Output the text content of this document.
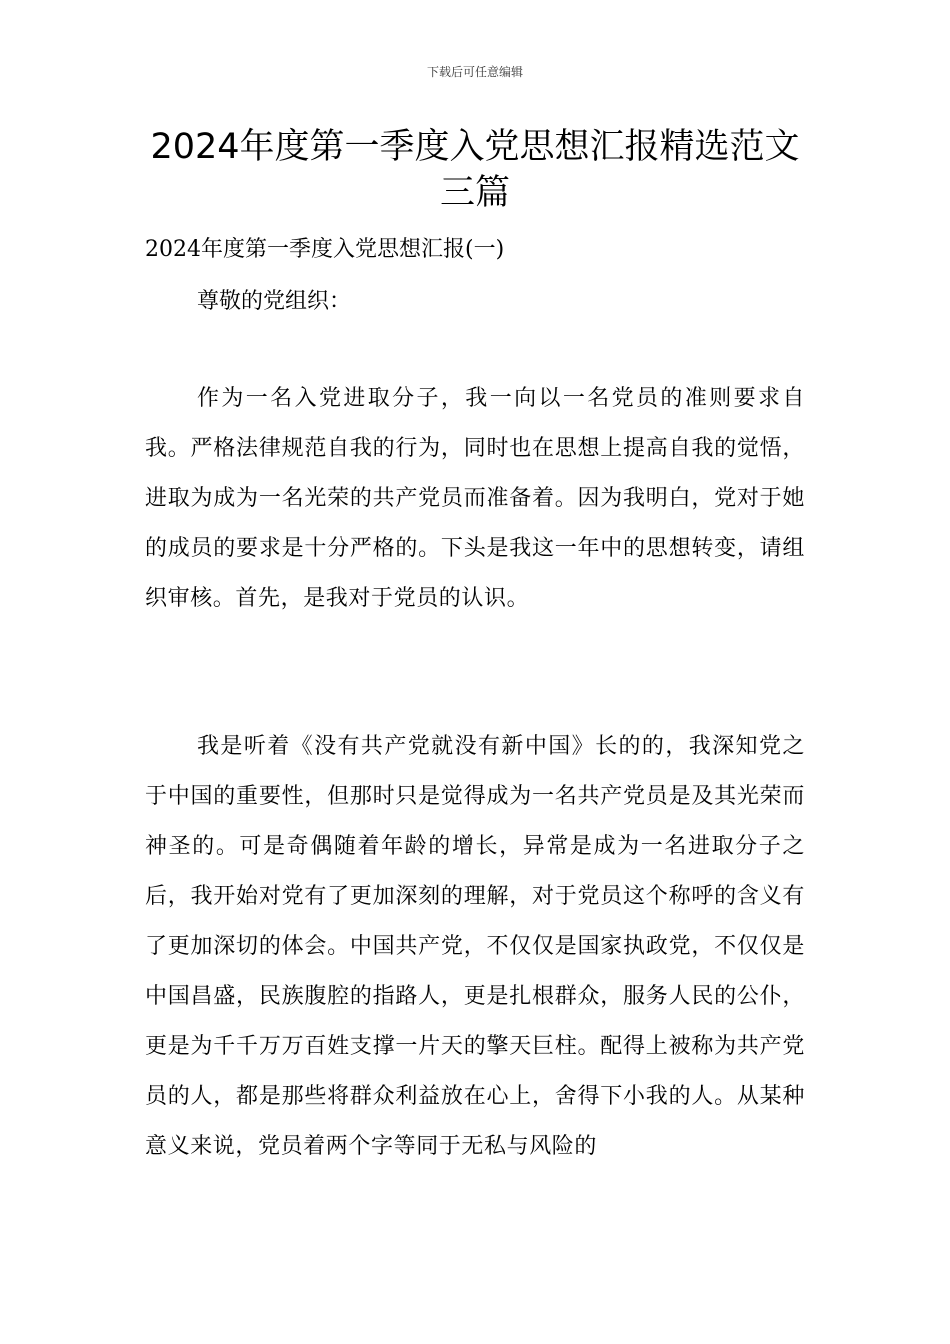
下载后可任意编辑
2024年度第一季度入党思想汇报精选范文三篇

2024年度第一季度入党思想汇报(一)

尊敬的党组织：

作为一名入党进取分子，我一向以一名党员的准则要求自我。严格法律规范自我的行为，同时也在思想上提高自我的觉悟，进取为成为一名光荣的共产党员而准备着。因为我明白，党对于她的成员的要求是十分严格的。下头是我这一年中的思想转变，请组织审核。首先，是我对于党员的认识。

我是听着《没有共产党就没有新中国》长的的，我深知党之于中国的重要性，但那时只是觉得成为一名共产党员是及其光荣而神圣的。可是奇偶随着年龄的增长，异常是成为一名进取分子之后，我开始对党有了更加深刻的理解，对于党员这个称呼的含义有了更加深切的体会。中国共产党，不仅仅是国家执政党，不仅仅是中国昌盛，民族腹腔的指路人，更是扎根群众，服务人民的公仆，更是为千千万万百姓支撑一片天的擎天巨柱。配得上被称为共产党员的人，都是那些将群众利益放在心上，舍得下小我的人。从某种意义来说，党员着两个字等同于无私与风险的
